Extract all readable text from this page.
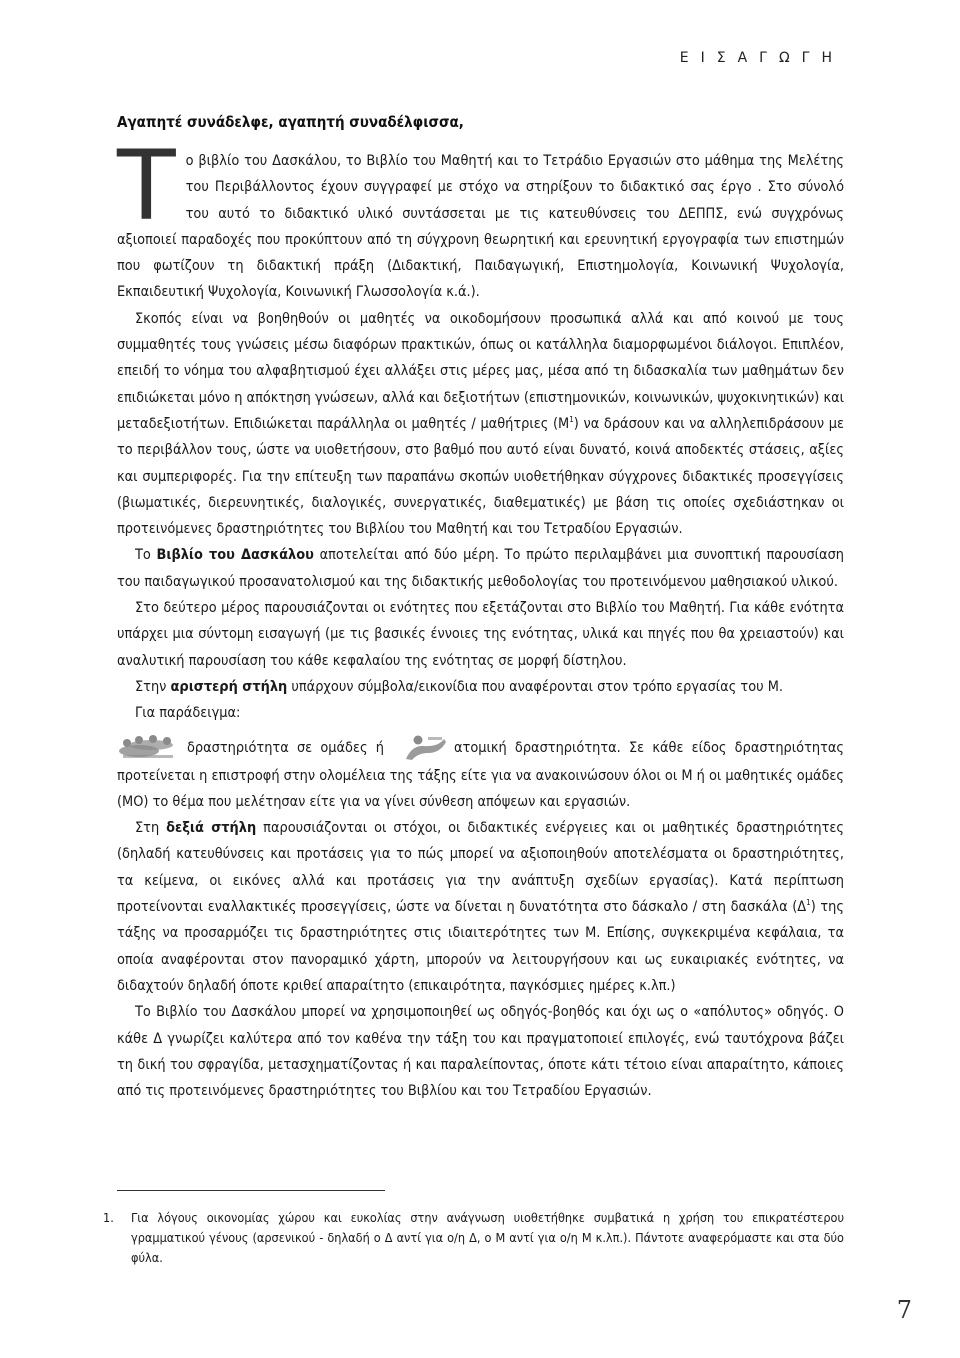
ΕΙΣΑΓΩΓΗ
Αγαπητέ συνάδελφε, αγαπητή συναδέλφισσα,

Το βιβλίο του Δασκάλου, το Βιβλίο του Μαθητή και το Τετράδιο Εργασιών στο μάθημα της Μελέτης του Περιβάλλοντος έχουν συγγραφεί με στόχο να στηρίξουν το διδακτικό σας έργο . Στο σύνολό του αυτό το διδακτικό υλικό συντάσσεται με τις κατευθύνσεις του ΔΕΠΠΣ, ενώ συγχρόνως αξιοποιεί παραδοχές που προκύπτουν από τη σύγχρονη θεωρητική και ερευνητική εργογραφία των επιστημών που φωτίζουν τη διδακτική πράξη (Διδακτική, Παιδαγωγική, Επιστημολογία, Κοινωνική Ψυχολογία, Εκπαιδευτική Ψυχολογία, Κοινωνική Γλωσσολογία κ.ά.).

Σκοπός είναι να βοηθηθούν οι μαθητές να οικοδομήσουν προσωπικά αλλά και από κοινού με τους συμμαθητές τους γνώσεις μέσω διαφόρων πρακτικών, όπως οι κατάλληλα διαμορφωμένοι διάλογοι. Επιπλέον, επειδή το νόημα του αλφαβητισμού έχει αλλάξει στις μέρες μας, μέσα από τη διδασκαλία των μαθημάτων δεν επιδιώκεται μόνο η απόκτηση γνώσεων, αλλά και δεξιοτήτων (επιστημονικών, κοινωνικών, ψυχοκινητικών) και μεταδεξιοτήτων. Επιδιώκεται παράλληλα οι μαθητές / μαθήτριες $(M^1)$ να δράσουν και να αλληλεπιδράσουν με το περιβάλλον τους, ώστε να υιοθετήσουν, στο βαθμό που αυτό είναι δυνατό, κοινά αποδεκτές στάσεις, αξίες και συμπεριφορές. Για την επίτευξη των παραπάνω σκοπών υιοθετήθηκαν σύγχρονες διδακτικές προσεγγίσεις (βιωματικές, διερευνητικές, διαλογικές, συνεργατικές, διαθεματικές) με βάση τις οποίες σχεδιάστηκαν οι προτεινόμενες δραστηριότητες του Βιβλίου του Μαθητή και του Τετραδίου Εργασιών.

Το Βιβλίο του Δασκάλου αποτελείται από δύο μέρη. Το πρώτο περιλαμβάνει μια συνοπτική παρουσίαση του παιδαγωγικού προσανατολισμού και της διδακτικής μεθοδολογίας του προτεινόμενου μαθησιακού υλικού.

Στο δεύτερο μέρος παρουσιάζονται οι ενότητες που εξετάζονται στο Βιβλίο του Μαθητή. Για κάθε ενότητα υπάρχει μια σύντομη εισαγωγή (με τις βασικές έννοιες της ενότητας, υλικά και πηγές που θα χρειαστούν) και αναλυτική παρουσίαση του κάθε κεφαλαίου της ενότητας σε μορφή δίστηλου.

Στην αριστερή στήλη υπάρχουν σύμβολα/εικονίδια που αναφέρονται στον τρόπο εργασίας του Μ.

Για παράδειγμα:

δραστηριότητα σε ομάδες ή	ατομική δραστηριότητα. Σε κάθε είδος δραστηριότητας προτείνεται η επιστροφή στην ολομέλεια της τάξης είτε για να ανακοινώσουν όλοι οι Μ ή οι μαθητικές ομάδες (ΜΟ) το θέμα που μελέτησαν είτε για να γίνει σύνθεση απόψεων και εργασιών.

Στη δεξιά στήλη παρουσιάζονται οι στόχοι, οι διδακτικές ενέργειες και οι μαθητικές δραστηριότητες (δηλαδή κατευθύνσεις και προτάσεις για το πώς μπορεί να αξιοποιηθούν αποτελέσματα οι δραστηριότητες, τα κείμενα, οι εικόνες αλλά και προτάσεις για την ανάπτυξη σχεδίων εργασίας). Κατά περίπτωση προτείνονται εναλλακτικές προσεγγίσεις, ώστε να δίνεται η δυνατότητα στο δάσκαλο / στη δασκάλα $(\Delta^1)$ της τάξης να προσαρμόζει τις δραστηριότητες στις ιδιαιτερότητες των Μ. Επίσης, συγκεκριμένα κεφάλαια, τα οποία αναφέρονται στον πανοραμικό χάρτη, μπορούν να λειτουργήσουν και ως ευκαιριακές ενότητες, να διδαχτούν δηλαδή όποτε κριθεί απαραίτητο (επικαιρότητα, παγκόσμιες ημέρες κ.λπ.)

Το Βιβλίο του Δασκάλου μπορεί να χρησιμοποιηθεί ως οδηγός-βοηθός και όχι ως ο «απόλυτος» οδηγός. Ο κάθε Δ γνωρίζει καλύτερα από τον καθένα την τάξη του και πραγματοποιεί επιλογές, ενώ ταυτόχρονα βάζει τη δική του σφραγίδα, μετασχηματίζοντας ή και παραλείποντας, όποτε κάτι τέτοιο είναι απαραίτητο, κάποιες από τις προτεινόμενες δραστηριότητες του Βιβλίου και του Τετραδίου Εργασιών.

1. Για λόγους οικονομίας χώρου και ευκολίας στην ανάγνωση υιοθετήθηκε συμβατικά η χρήση του επικρατέστερου γραμματικού γένους (αρσενικού - δηλαδή ο Δ αντί για ο/η Δ, ο Μ αντί για ο/η Μ κ.λπ.). Πάντοτε αναφερόμαστε και στα δύο φύλα.
7
